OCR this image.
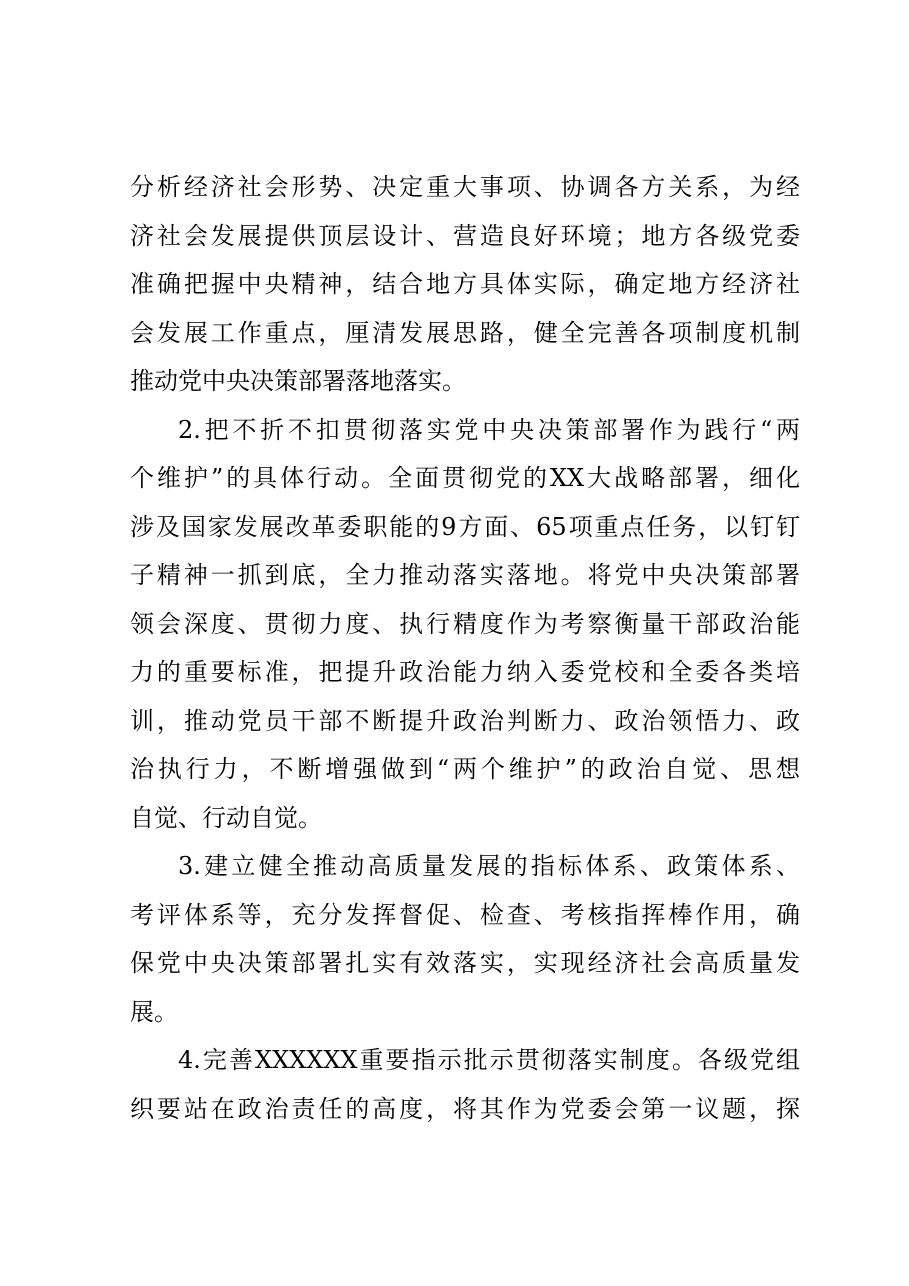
分析经济社会形势、决定重大事项、协调各方关系，为经
济社会发展提供顶层设计、营造良好环境；地方各级党委
准确把握中央精神，结合地方具体实际，确定地方经济社
会发展工作重点，厘清发展思路，健全完善各项制度机制
推动党中央决策部署落地落实。
2.把不折不扣贯彻落实党中央决策部署作为践行“两
个维护”的具体行动。全面贯彻党的XX大战略部署，细化
涉及国家发展改革委职能的9方面、65项重点任务，以钉钉
子精神一抓到底，全力推动落实落地。将党中央决策部署
领会深度、贯彻力度、执行精度作为考察衡量干部政治能
力的重要标准，把提升政治能力纳入委党校和全委各类培
训，推动党员干部不断提升政治判断力、政治领悟力、政
治执行力，不断增强做到“两个维护”的政治自觉、思想
自觉、行动自觉。
3.建立健全推动高质量发展的指标体系、政策体系、
考评体系等，充分发挥督促、检查、考核指挥棒作用，确
保党中央决策部署扎实有效落实，实现经济社会高质量发
展。
4.完善XXXXXX重要指示批示贯彻落实制度。各级党组
织要站在政治责任的高度，将其作为党委会第一议题，探
